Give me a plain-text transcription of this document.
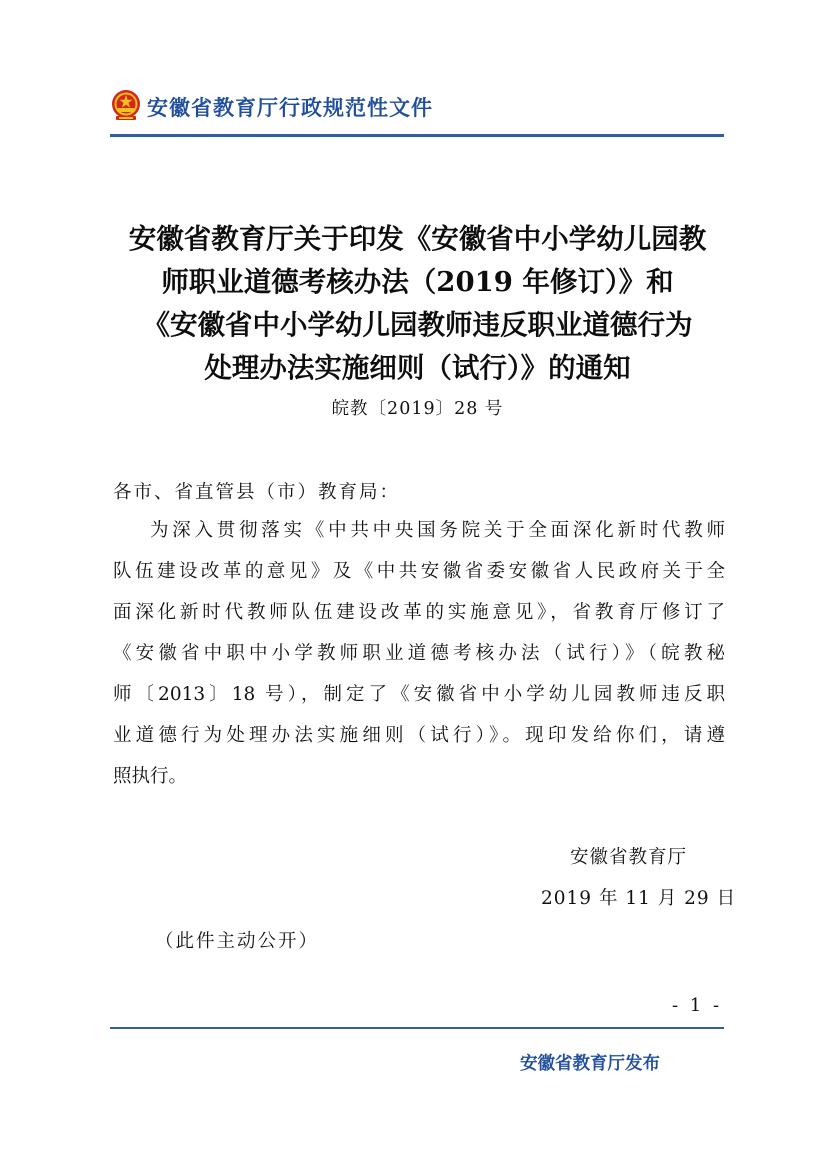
安徽省教育厅行政规范性文件
安徽省教育厅关于印发《安徽省中小学幼儿园教
师职业道德考核办法（2019 年修订）》和
《安徽省中小学幼儿园教师违反职业道德行为
处理办法实施细则（试行）》的通知
皖教〔2019〕28 号
各市、省直管县（市）教育局：
为深入贯彻落实《中共中央国务院关于全面深化新时代教师
队伍建设改革的意见》及《中共安徽省委安徽省人民政府关于全
面深化新时代教师队伍建设改革的实施意见》，省教育厅修订了
《安徽省中职中小学教师职业道德考核办法（试行）》（皖教秘
师〔2013〕18 号），制定了《安徽省中小学幼儿园教师违反职
业道德行为处理办法实施细则（试行）》。现印发给你们，请遵
照执行。
安徽省教育厅
2019 年 11 月 29 日
（此件主动公开）
- 1 -
安徽省教育厅发布
